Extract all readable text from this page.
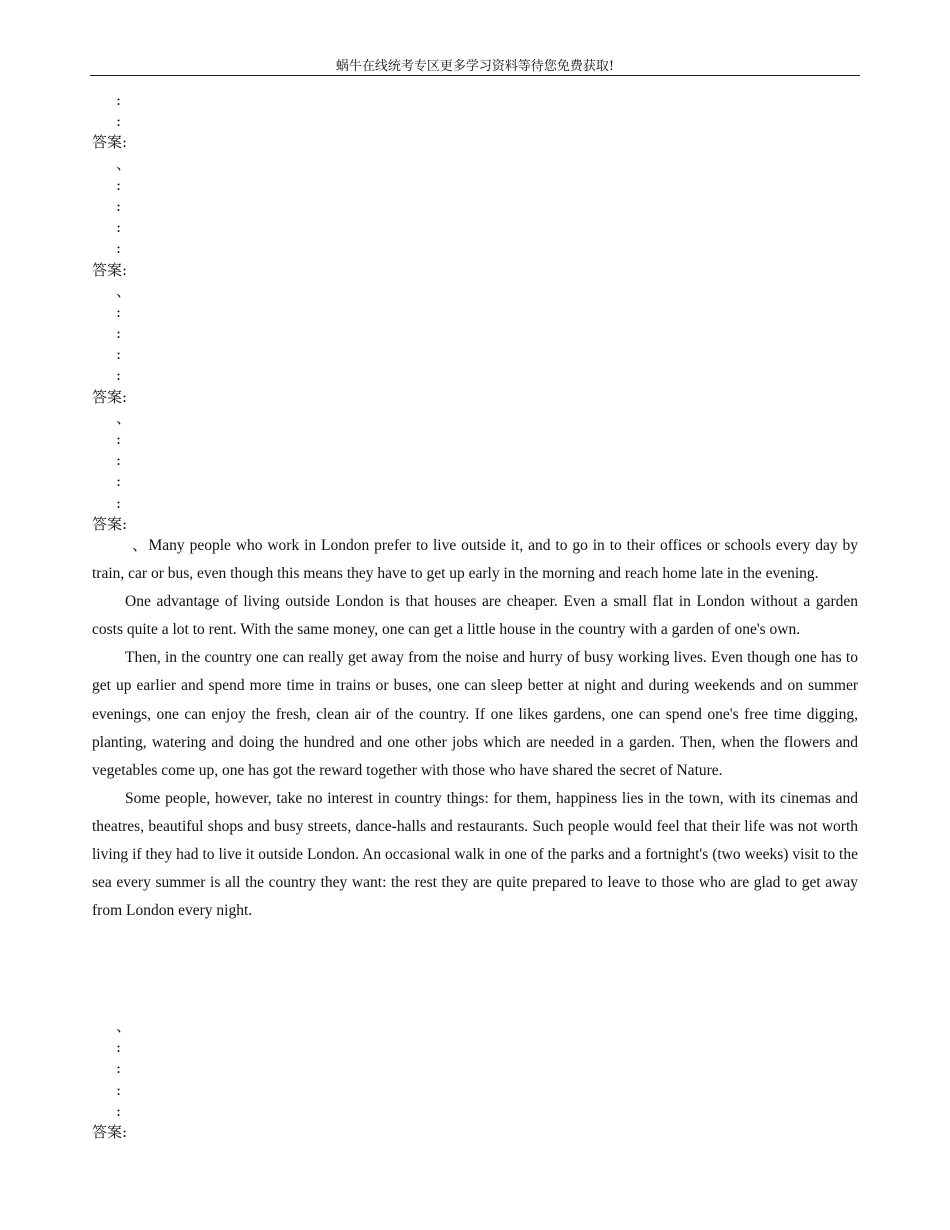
蜗牛在线统考专区更多学习资料等待您免费获取!
:
:
答案:
、
:
:
:
:
答案:
、
:
:
:
:
答案:
、
:
:
:
:
答案:

、Many people who work in London prefer to live outside it, and to go in to their offices or schools every day by train, car or bus, even though this means they have to get up early in the morning and reach home late in the evening.

One advantage of living outside London is that houses are cheaper. Even a small flat in London without a garden costs quite a lot to rent. With the same money, one can get a little house in the country with a garden of one's own.

Then, in the country one can really get away from the noise and hurry of busy working lives. Even though one has to get up earlier and spend more time in trains or buses, one can sleep better at night and during weekends and on summer evenings, one can enjoy the fresh, clean air of the country. If one likes gardens, one can spend one's free time digging, planting, watering and doing the hundred and one other jobs which are needed in a garden. Then, when the flowers and vegetables come up, one has got the reward together with those who have shared the secret of Nature.

Some people, however, take no interest in country things: for them, happiness lies in the town, with its cinemas and theatres, beautiful shops and busy streets, dance-halls and restaurants. Such people would feel that their life was not worth living if they had to live it outside London. An occasional walk in one of the parks and a fortnight's (two weeks) visit to the sea every summer is all the country they want: the rest they are quite prepared to leave to those who are glad to get away from London every night.

、
:
:
:
:
答案:
